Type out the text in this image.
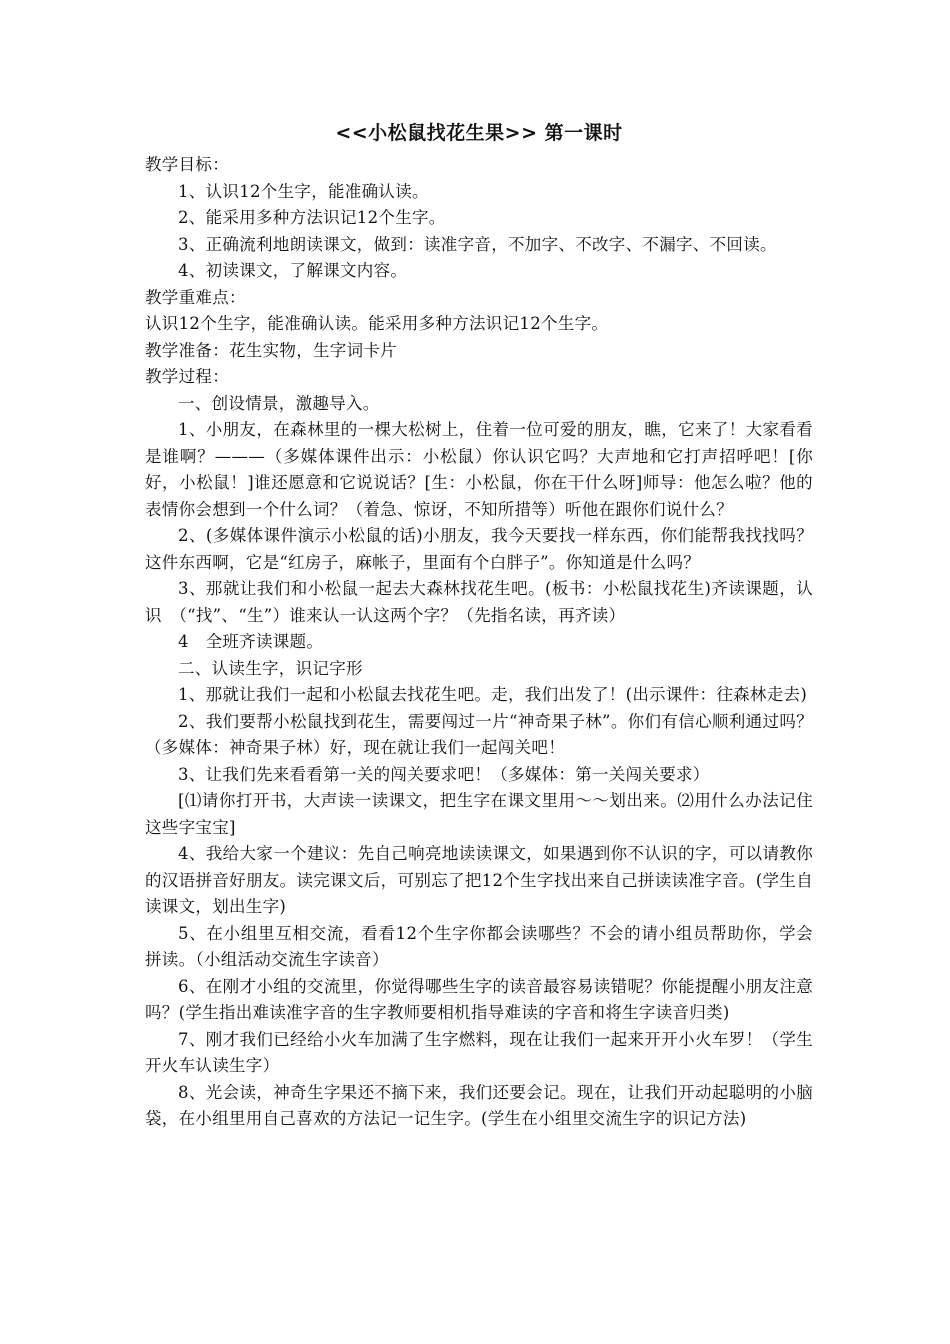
<<小松鼠找花生果>> 第一课时

教学目标：

1、认识12个生字，能准确认读。

2、能采用多种方法识记12个生字。

3、正确流利地朗读课文，做到：读准字音，不加字、不改字、不漏字、不回读。

4、初读课文，了解课文内容。

教学重难点：

认识12个生字，能准确认读。能采用多种方法识记12个生字。

教学准备：花生实物，生字词卡片

教学过程：

一、创设情景，激趣导入。

1、小朋友，在森林里的一棵大松树上，住着一位可爱的朋友，瞧，它来了！大家看看是谁啊？———（多媒体课件出示：小松鼠）你认识它吗？大声地和它打声招呼吧！[你好，小松鼠！]谁还愿意和它说说话？[生：小松鼠，你在干什么呀]师导：他怎么啦？他的表情你会想到一个什么词？（着急、惊讶，不知所措等）听他在跟你们说什么？

2、(多媒体课件演示小松鼠的话)小朋友，我今天要找一样东西，你们能帮我找找吗？这件东西啊，它是“红房子，麻帐子，里面有个白胖子”。你知道是什么吗？

3、那就让我们和小松鼠一起去大森林找花生吧。(板书：小松鼠找花生)齐读课题，认识　（“找”、“生”）谁来认一认这两个字？（先指名读，再齐读）

4　全班齐读课题。

二、认读生字，识记字形

1、那就让我们一起和小松鼠去找花生吧。走，我们出发了！(出示课件：往森林走去)

2、我们要帮小松鼠找到花生，需要闯过一片“神奇果子林”。你们有信心顺利通过吗？（多媒体：神奇果子林）好，现在就让我们一起闯关吧！

3、让我们先来看看第一关的闯关要求吧！（多媒体：第一关闯关要求）

[⑴请你打开书，大声读一读课文，把生字在课文里用～～划出来。⑵用什么办法记住这些字宝宝]

4、我给大家一个建议：先自己响亮地读读课文，如果遇到你不认识的字，可以请教你的汉语拼音好朋友。读完课文后，可别忘了把12个生字找出来自己拼读读准字音。(学生自读课文，划出生字)

5、在小组里互相交流，看看12个生字你都会读哪些？不会的请小组员帮助你，学会拼读。（小组活动交流生字读音）

6、在刚才小组的交流里，你觉得哪些生字的读音最容易读错呢？你能提醒小朋友注意吗？(学生指出难读准字音的生字教师要相机指导难读的字音和将生字读音归类)

7、刚才我们已经给小火车加满了生字燃料，现在让我们一起来开开小火车罗！（学生开火车认读生字）

8、光会读，神奇生字果还不摘下来，我们还要会记。现在，让我们开动起聪明的小脑袋，在小组里用自己喜欢的方法记一记生字。(学生在小组里交流生字的识记方法)
